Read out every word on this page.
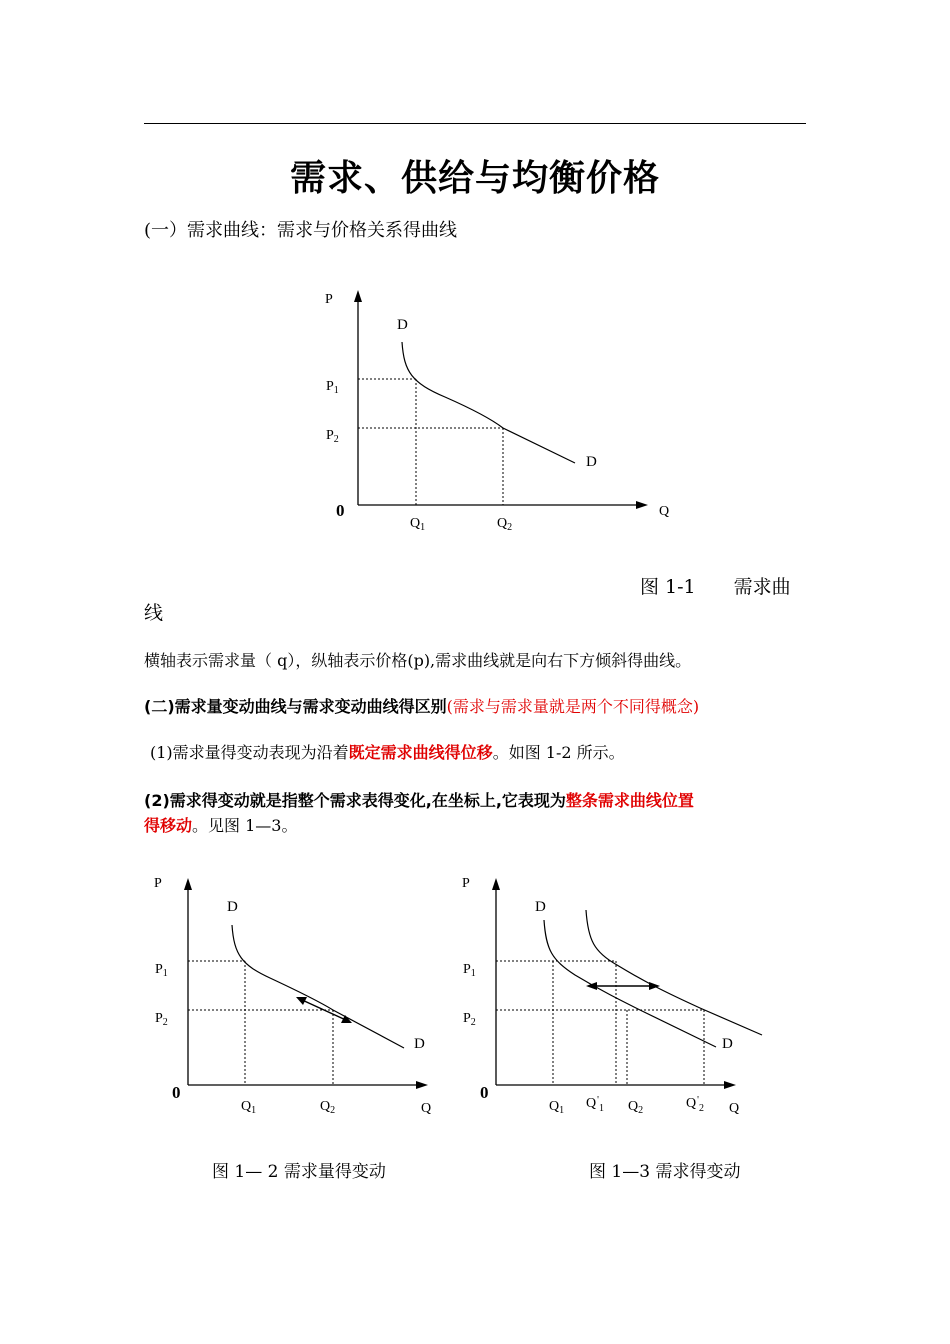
需求、供给与均衡价格
(一）需求曲线：需求与价格关系得曲线
P
Q
0
D
D
$P_1$
$P_2$
$Q_1$	$Q_2$
图 1-1　　需求曲
线
横轴表示需求量（ q），纵轴表示价格(p),需求曲线就是向右下方倾斜得曲线。
(二)需求量变动曲线与需求变动曲线得区别(需求与需求量就是两个不同得概念)
(1)需求量得变动表现为沿着既定需求曲线得位移。如图 1-2 所示。
(2)需求得变动就是指整个需求表得变化,在坐标上,它表现为整条需求曲线位置
得移动。见图 1—3。
P
Q
0
D
D
$P_1$
$P_2$
$Q_1$	$Q_2$
P
Q
0
D
D
$P_1$
$P_2$
$Q_1$ $Q'_1$ $Q_2$	$Q'_2$
图 1— 2 需求量得变动	图 1—3 需求得变动
